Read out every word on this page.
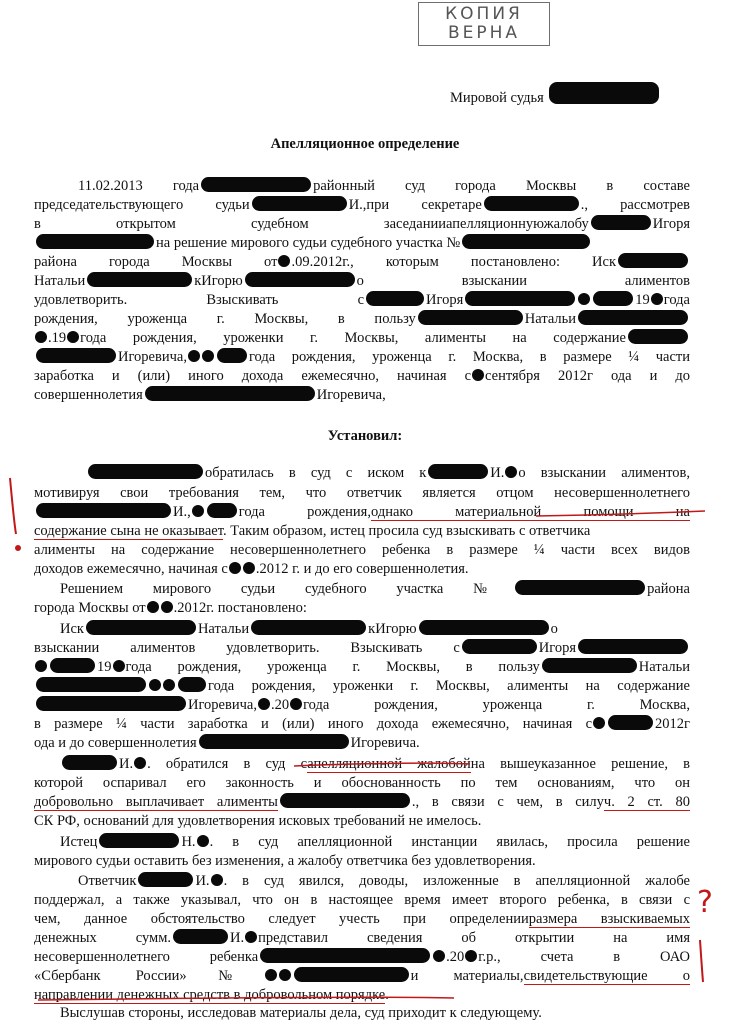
КОПИЯ
ВЕРНА
Мировой судья
Апелляционное определение
11.02.2013 года	районный суд города Москвы в составе
председательствующего судьи	И.,при секретаре	., рассмотрев
в открытом судебном заседанииапелляционнуюжалобу	Игоря
на решение мирового судьи судебного участка №
района города Москвы от .09.2012г., которым постановлено: Иск
Натальи	кИгорю	о взыскании алиментов
удовлетворить. Взыскивать с	Игоря	19 года
рождения, уроженца г. Москвы, в пользу	Натальи
.19 года рождения, уроженки г. Москвы, алименты на содержание
Игоревича,	года рождения, уроженца г. Москва, в размере ¼ части
заработка и (или) иного дохода ежемесячно, начиная с сентября 2012г ода и до
совершеннолетия	Игоревича,
Установил:
обратилась в суд с иском к	И. о взыскании алиментов,
мотивируя свои требования тем, что ответчик является отцом несовершеннолетнего
И.,	года рождения,однако материальной помощи на
содержание сына не оказывает. Таким образом, истец просила суд взыскивать с ответчика
алименты на содержание несовершеннолетнего ребенка в размере ¼ части всех видов
доходов ежемесячно, начиная с .2012 г. и до его совершеннолетия.
Решением мирового судьи судебного участка №	района
города Москвы от .2012г. постановлено:
Иск	Натальи	кИгорю	о
взыскании алиментов удовлетворить. Взыскивать с	Игоря
19 года рождения, уроженца г. Москвы, в пользу	Натальи
года рождения, уроженки г. Москвы, алименты на содержание
Игоревича, .20 года рождения, уроженца г. Москва,
в размере ¼ части заработка и (или) иного дохода ежемесячно, начиная с	2012г
ода и до совершеннолетия	Игоревича.
И. . обратился в суд сапелляционной жалобойна вышеуказанное решение, в
которой оспаривал его законность и обоснованность по тем основаниям, что он
добровольно выплачивает алименты	., в связи с чем, в силуч. 2 ст. 80
СК РФ, оснований для удовлетворения исковых требований не имелось.
Истец	Н. . в суд апелляционной инстанции явилась, просила решение
мирового судьи оставить без изменения, а жалобу ответчика без удовлетворения.
Ответчик	И. . в суд явился, доводы, изложенные в апелляционной жалобе
поддержал, а также указывал, что он в настоящее время имеет второго ребенка, в связи с
чем, данное обстоятельство следует учесть при определенииразмера взыскиваемых
денежных сумм.	И. представил сведения об открытии на имя
несовершеннолетнего ребенка	.20 г.р., счета в ОАО
«Сбербанк России»№	и материалы,свидетельствующие о
направлении денежных средств в добровольном порядке.
Выслушав стороны, исследовав материалы дела, суд приходит к следующему.
?
